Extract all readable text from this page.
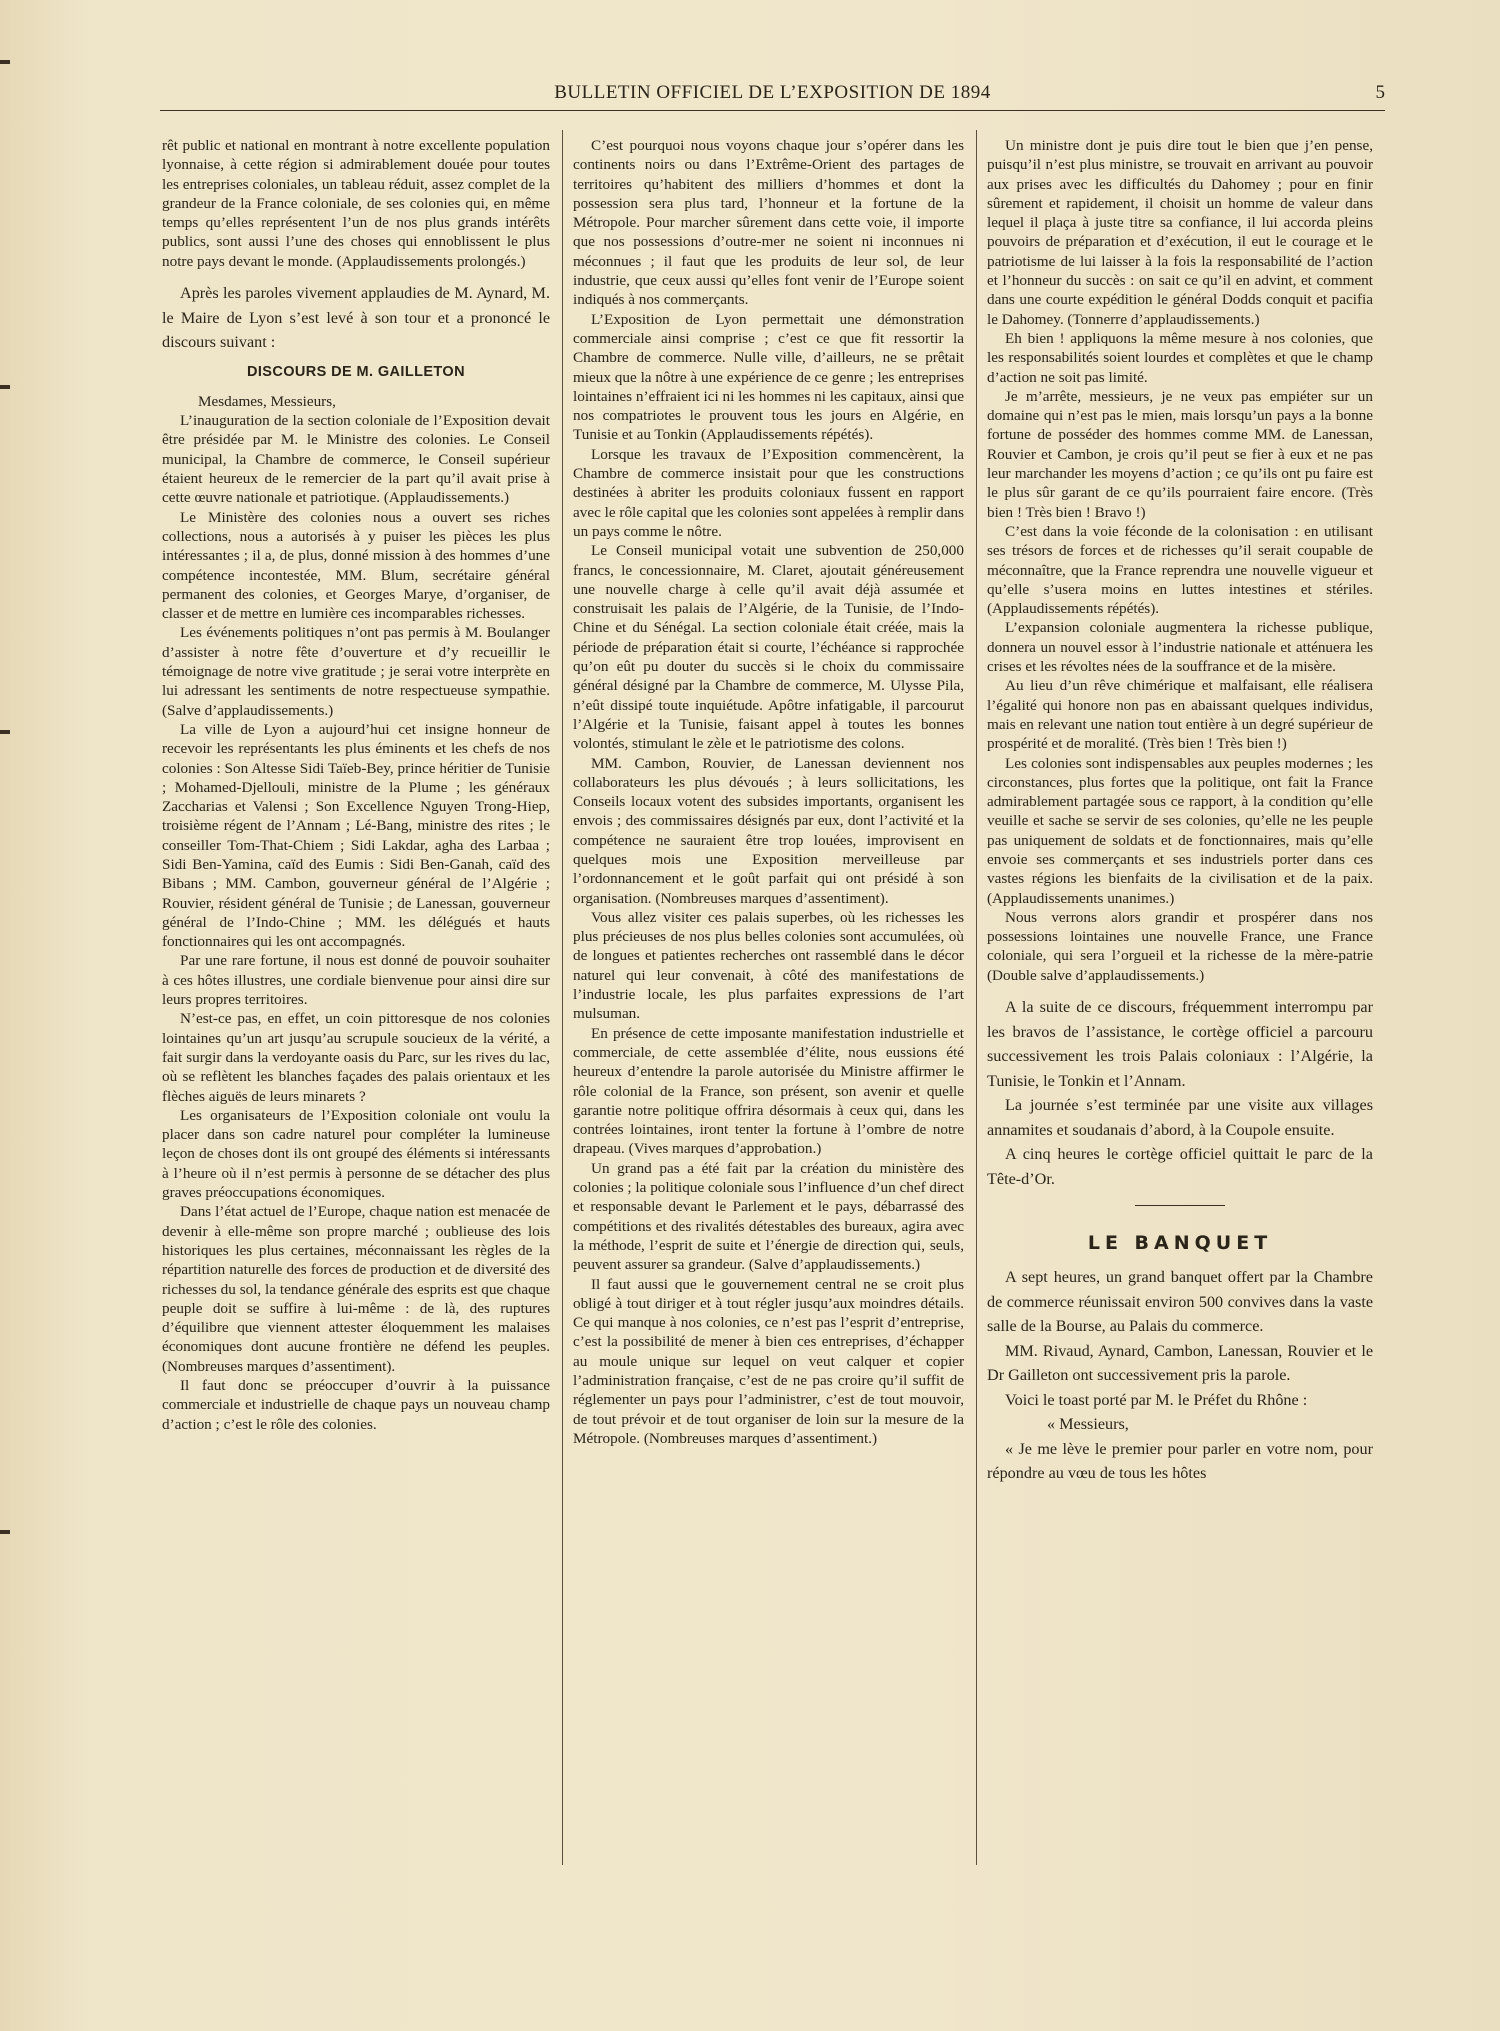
BULLETIN OFFICIEL DE L’EXPOSITION DE 1894	5

rêt public et national en montrant à notre excellente population lyonnaise, à cette région si admirablement douée pour toutes les entreprises coloniales, un tableau réduit, assez complet de la grandeur de la France coloniale, de ses colonies qui, en même temps qu’elles représentent l’un de nos plus grands intérêts publics, sont aussi l’une des choses qui ennoblissent le plus notre pays devant le monde. (Applaudissements prolongés.)

Après les paroles vivement applaudies de M. Aynard, M. le Maire de Lyon s’est levé à son tour et a prononcé le discours suivant :

DISCOURS DE M. GAILLETON

Mesdames, Messieurs,

L’inauguration de la section coloniale de l’Exposition devait être présidée par M. le Ministre des colonies. Le Conseil municipal, la Chambre de commerce, le Conseil supérieur étaient heureux de le remercier de la part qu’il avait prise à cette œuvre nationale et patriotique. (Applaudissements.)

Le Ministère des colonies nous a ouvert ses riches collections, nous a autorisés à y puiser les pièces les plus intéressantes ; il a, de plus, donné mission à des hommes d’une compétence incontestée, MM. Blum, secrétaire général permanent des colonies, et Georges Marye, d’organiser, de classer et de mettre en lumière ces incomparables richesses.

Les événements politiques n’ont pas permis à M. Boulanger d’assister à notre fête d’ouverture et d’y recueillir le témoignage de notre vive gratitude ; je serai votre interprète en lui adressant les sentiments de notre respectueuse sympathie. (Salve d’applaudissements.)

La ville de Lyon a aujourd’hui cet insigne honneur de recevoir les représentants les plus éminents et les chefs de nos colonies : Son Altesse Sidi Taïeb-Bey, prince héritier de Tunisie ; Mohamed-Djellouli, ministre de la Plume ; les généraux Zaccharias et Valensi ; Son Excellence Nguyen Trong-Hiep, troisième régent de l’Annam ; Lé-Bang, ministre des rites ; le conseiller Tom-That-Chiem ; Sidi Lakdar, agha des Larbaa ; Sidi Ben-Yamina, caïd des Eumis : Sidi Ben-Ganah, caïd des Bibans ; MM. Cambon, gouverneur général de l’Algérie ; Rouvier, résident général de Tunisie ; de Lanessan, gouverneur général de l’Indo-Chine ; MM. les délégués et hauts fonctionnaires qui les ont accompagnés.

Par une rare fortune, il nous est donné de pouvoir souhaiter à ces hôtes illustres, une cordiale bienvenue pour ainsi dire sur leurs propres territoires.

N’est-ce pas, en effet, un coin pittoresque de nos colonies lointaines qu’un art jusqu’au scrupule soucieux de la vérité, a fait surgir dans la verdoyante oasis du Parc, sur les rives du lac, où se reflètent les blanches façades des palais orientaux et les flèches aiguës de leurs minarets ?

Les organisateurs de l’Exposition coloniale ont voulu la placer dans son cadre naturel pour compléter la lumineuse leçon de choses dont ils ont groupé des éléments si intéressants à l’heure où il n’est permis à personne de se détacher des plus graves préoccupations économiques.

Dans l’état actuel de l’Europe, chaque nation est menacée de devenir à elle-même son propre marché ; oublieuse des lois historiques les plus certaines, méconnaissant les règles de la répartition naturelle des forces de production et de diversité des richesses du sol, la tendance générale des esprits est que chaque peuple doit se suffire à lui-même : de là, des ruptures d’équilibre que viennent attester éloquemment les malaises économiques dont aucune frontière ne défend les peuples. (Nombreuses marques d’assentiment).

Il faut donc se préoccuper d’ouvrir à la puissance commerciale et industrielle de chaque pays un nouveau champ d’action ; c’est le rôle des colonies.

C’est pourquoi nous voyons chaque jour s’opérer dans les continents noirs ou dans l’Extrême-Orient des partages de territoires qu’habitent des milliers d’hommes et dont la possession sera plus tard, l’honneur et la fortune de la Métropole. Pour marcher sûrement dans cette voie, il importe que nos possessions d’outre-mer ne soient ni inconnues ni méconnues ; il faut que les produits de leur sol, de leur industrie, que ceux aussi qu’elles font venir de l’Europe soient indiqués à nos commerçants.

L’Exposition de Lyon permettait une démonstration commerciale ainsi comprise ; c’est ce que fit ressortir la Chambre de commerce. Nulle ville, d’ailleurs, ne se prêtait mieux que la nôtre à une expérience de ce genre ; les entreprises lointaines n’effraient ici ni les hommes ni les capitaux, ainsi que nos compatriotes le prouvent tous les jours en Algérie, en Tunisie et au Tonkin (Applaudissements répétés).

Lorsque les travaux de l’Exposition commencèrent, la Chambre de commerce insistait pour que les constructions destinées à abriter les produits coloniaux fussent en rapport avec le rôle capital que les colonies sont appelées à remplir dans un pays comme le nôtre.

Le Conseil municipal votait une subvention de 250,000 francs, le concessionnaire, M. Claret, ajoutait généreusement une nouvelle charge à celle qu’il avait déjà assumée et construisait les palais de l’Algérie, de la Tunisie, de l’Indo-Chine et du Sénégal. La section coloniale était créée, mais la période de préparation était si courte, l’échéance si rapprochée qu’on eût pu douter du succès si le choix du commissaire général désigné par la Chambre de commerce, M. Ulysse Pila, n’eût dissipé toute inquiétude. Apôtre infatigable, il parcourut l’Algérie et la Tunisie, faisant appel à toutes les bonnes volontés, stimulant le zèle et le patriotisme des colons.

MM. Cambon, Rouvier, de Lanessan deviennent nos collaborateurs les plus dévoués ; à leurs sollicitations, les Conseils locaux votent des subsides importants, organisent les envois ; des commissaires désignés par eux, dont l’activité et la compétence ne sauraient être trop louées, improvisent en quelques mois une Exposition merveilleuse par l’ordonnancement et le goût parfait qui ont présidé à son organisation. (Nombreuses marques d’assentiment).

Vous allez visiter ces palais superbes, où les richesses les plus précieuses de nos plus belles colonies sont accumulées, où de longues et patientes recherches ont rassemblé dans le décor naturel qui leur convenait, à côté des manifestations de l’industrie locale, les plus parfaites expressions de l’art mulsuman.

En présence de cette imposante manifestation industrielle et commerciale, de cette assemblée d’élite, nous eussions été heureux d’entendre la parole autorisée du Ministre affirmer le rôle colonial de la France, son présent, son avenir et quelle garantie notre politique offrira désormais à ceux qui, dans les contrées lointaines, iront tenter la fortune à l’ombre de notre drapeau. (Vives marques d’approbation.)

Un grand pas a été fait par la création du ministère des colonies ; la politique coloniale sous l’influence d’un chef direct et responsable devant le Parlement et le pays, débarrassé des compétitions et des rivalités détestables des bureaux, agira avec la méthode, l’esprit de suite et l’énergie de direction qui, seuls, peuvent assurer sa grandeur. (Salve d’applaudissements.)

Il faut aussi que le gouvernement central ne se croit plus obligé à tout diriger et à tout régler jusqu’aux moindres détails. Ce qui manque à nos colonies, ce n’est pas l’esprit d’entreprise, c’est la possibilité de mener à bien ces entreprises, d’échapper au moule unique sur lequel on veut calquer et copier l’administration française, c’est de ne pas croire qu’il suffit de réglementer un pays pour l’administrer, c’est de tout mouvoir, de tout prévoir et de tout organiser de loin sur la mesure de la Métropole. (Nombreuses marques d’assentiment.)

Un ministre dont je puis dire tout le bien que j’en pense, puisqu’il n’est plus ministre, se trouvait en arrivant au pouvoir aux prises avec les difficultés du Dahomey ; pour en finir sûrement et rapidement, il choisit un homme de valeur dans lequel il plaça à juste titre sa confiance, il lui accorda pleins pouvoirs de préparation et d’exécution, il eut le courage et le patriotisme de lui laisser à la fois la responsabilité de l’action et l’honneur du succès : on sait ce qu’il en advint, et comment dans une courte expédition le général Dodds conquit et pacifia le Dahomey. (Tonnerre d’applaudissements.)

Eh bien ! appliquons la même mesure à nos colonies, que les responsabilités soient lourdes et complètes et que le champ d’action ne soit pas limité.

Je m’arrête, messieurs, je ne veux pas empiéter sur un domaine qui n’est pas le mien, mais lorsqu’un pays a la bonne fortune de posséder des hommes comme MM. de Lanessan, Rouvier et Cambon, je crois qu’il peut se fier à eux et ne pas leur marchander les moyens d’action ; ce qu’ils ont pu faire est le plus sûr garant de ce qu’ils pourraient faire encore. (Très bien ! Très bien ! Bravo !)

C’est dans la voie féconde de la colonisation : en utilisant ses trésors de forces et de richesses qu’il serait coupable de méconnaître, que la France reprendra une nouvelle vigueur et qu’elle s’usera moins en luttes intestines et stériles. (Applaudissements répétés).

L’expansion coloniale augmentera la richesse publique, donnera un nouvel essor à l’industrie nationale et atténuera les crises et les révoltes nées de la souffrance et de la misère.

Au lieu d’un rêve chimérique et malfaisant, elle réalisera l’égalité qui honore non pas en abaissant quelques individus, mais en relevant une nation tout entière à un degré supérieur de prospérité et de moralité. (Très bien ! Très bien !)

Les colonies sont indispensables aux peuples modernes ; les circonstances, plus fortes que la politique, ont fait la France admirablement partagée sous ce rapport, à la condition qu’elle veuille et sache se servir de ses colonies, qu’elle ne les peuple pas uniquement de soldats et de fonctionnaires, mais qu’elle envoie ses commerçants et ses industriels porter dans ces vastes régions les bienfaits de la civilisation et de la paix. (Applaudissements unanimes.)

Nous verrons alors grandir et prospérer dans nos possessions lointaines une nouvelle France, une France coloniale, qui sera l’orgueil et la richesse de la mère-patrie (Double salve d’applaudissements.)

A la suite de ce discours, fréquemment interrompu par les bravos de l’assistance, le cortège officiel a parcouru successivement les trois Palais coloniaux : l’Algérie, la Tunisie, le Tonkin et l’Annam.

La journée s’est terminée par une visite aux villages annamites et soudanais d’abord, à la Coupole ensuite.

A cinq heures le cortège officiel quittait le parc de la Tête-d’Or.

LE BANQUET

A sept heures, un grand banquet offert par la Chambre de commerce réunissait environ 500 convives dans la vaste salle de la Bourse, au Palais du commerce.

MM. Rivaud, Aynard, Cambon, Lanessan, Rouvier et le Dr Gailleton ont successivement pris la parole.

Voici le toast porté par M. le Préfet du Rhône :

« Messieurs,

« Je me lève le premier pour parler en votre nom, pour répondre au vœu de tous les hôtes
